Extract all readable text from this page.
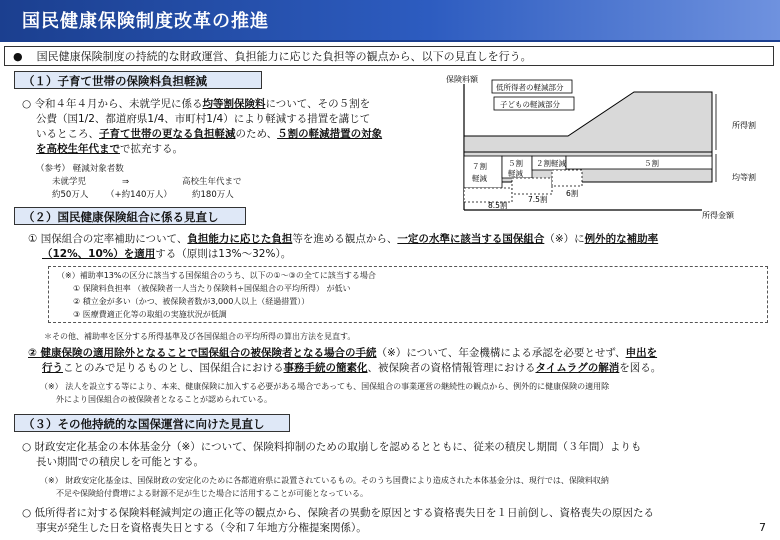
国民健康保険制度改革の推進
● 国民健康保険制度の持続的な財政運営、負担能力に応じた負担等の観点から、以下の見直しを行う。
（１）子育て世帯の保険料負担軽減
○ 令和４年４月から、未就学児に係る均等割保険料について、その５割を
公費（国1/2、都道府県1/4、市町村1/4）により軽減する措置を講じて
いるところ、子育て世帯の更なる負担軽減のため、５割の軽減措置の対象
を高校生年代までで拡充する。
（参考） 軽減対象者数
未就学児	⇒	高校生年代まで
約50万人 （+約140万人） 約180万人
保険料額
所得金額
低所得者の軽減部分
子どもの軽減部分
所得割
均等割
７割
軽減
５割
軽減
２割軽減	５割
8.5割
7.5割
6割
（２）国民健康保険組合に係る見直し
① 国保組合の定率補助について、負担能力に応じた負担等を進める観点から、一定の水準に該当する国保組合（※）に例外的な補助率
（12%、10%）を適用する（原則は13%～32%）。
（※）補助率13%の区分に該当する国保組合のうち、以下の①～③の全てに該当する場合
① 保険料負担率 （被保険者一人当たり保険料÷国保組合の平均所得） が低い
② 積立金が多い（かつ、被保険者数が3,000人以上（経過措置））
③ 医療費適正化等の取組の実施状況が低調
＊その他、補助率を区分する所得基準及び各国保組合の平均所得の算出方法を見直す。
② 健康保険の適用除外となることで国保組合の被保険者となる場合の手続（※）について、年金機構による承認を必要とせず、申出を
行うことのみで足りるものとし、国保組合における事務手続の簡素化、被保険者の資格情報管理におけるタイムラグの解消を図る。
（※） 法人を設立する等により、本来、健康保険に加入する必要がある場合であっても、国保組合の事業運営の継続性の観点から、例外的に健康保険の適用除
外により国保組合の被保険者となることが認められている。
（３）その他持続的な国保運営に向けた見直し
○ 財政安定化基金の本体基金分（※）について、保険料抑制のための取崩しを認めるとともに、従来の積戻し期間（３年間）よりも
長い期間での積戻しを可能とする。
（※） 財政安定化基金は、国保財政の安定化のために各都道府県に設置されているもの。そのうち国費により造成された本体基金分は、現行では、保険料収納
不足や保険給付費増による財源不足が生じた場合に活用することが可能となっている。
○ 低所得者に対する保険料軽減判定の適正化等の観点から、保険者の異動を原因とする資格喪失日を１日前倒し、資格喪失の原因たる
事実が発生した日を資格喪失日とする（令和７年地方分権提案関係）。	7
